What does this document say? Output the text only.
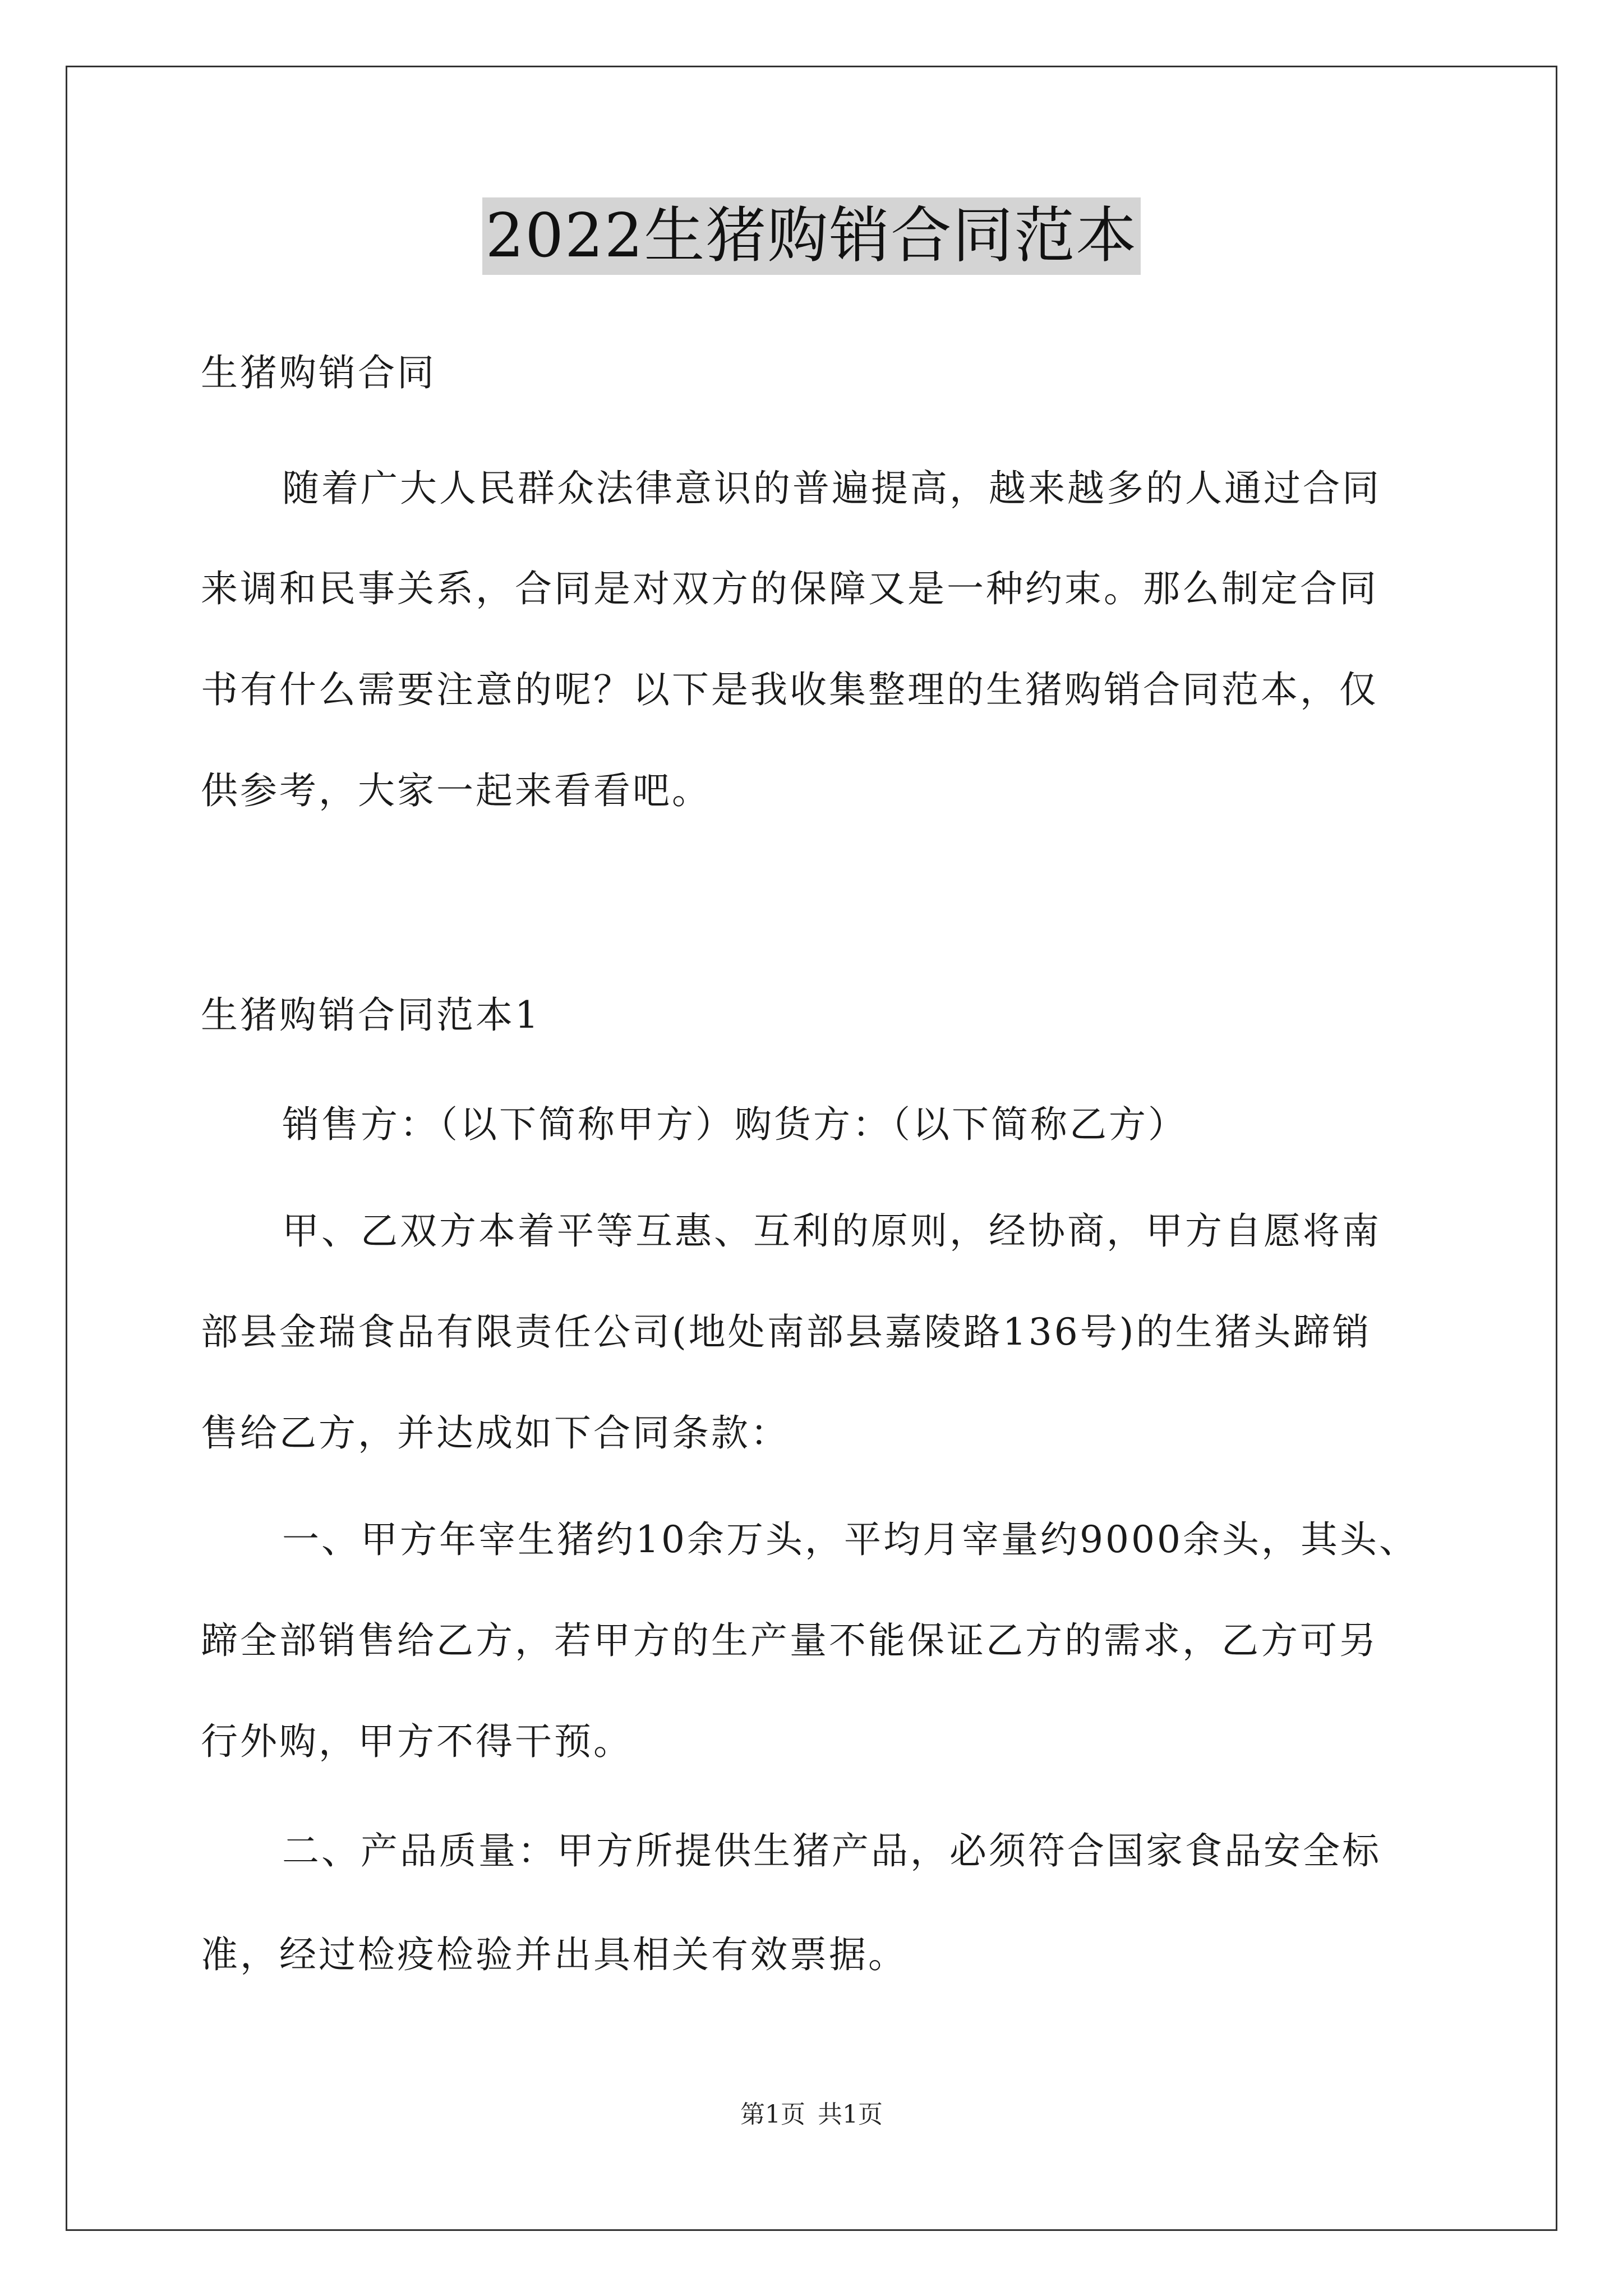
2022生猪购销合同范本
生猪购销合同
随着广大人民群众法律意识的普遍提高，越来越多的人通过合同
来调和民事关系，合同是对双方的保障又是一种约束。那么制定合同
书有什么需要注意的呢？以下是我收集整理的生猪购销合同范本，仅
供参考，大家一起来看看吧。
生猪购销合同范本1
销售方：（以下简称甲方）购货方：（以下简称乙方）
甲、乙双方本着平等互惠、互利的原则，经协商，甲方自愿将南
部县金瑞食品有限责任公司(地处南部县嘉陵路136号)的生猪头蹄销
售给乙方，并达成如下合同条款：
一、甲方年宰生猪约10余万头，平均月宰量约9000余头，其头、
蹄全部销售给乙方，若甲方的生产量不能保证乙方的需求，乙方可另
行外购，甲方不得干预。
二、产品质量：甲方所提供生猪产品，必须符合国家食品安全标
准，经过检疫检验并出具相关有效票据。
第1页 共1页
